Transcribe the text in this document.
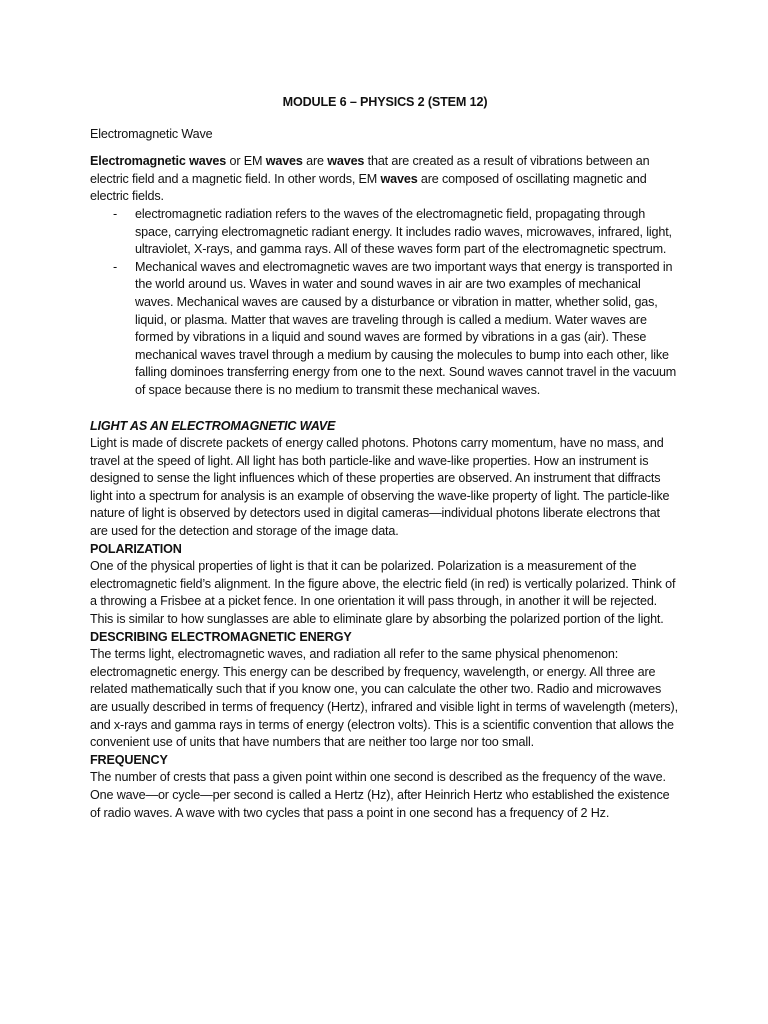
MODULE 6 – PHYSICS 2 (STEM 12)
Electromagnetic Wave

Electromagnetic waves or EM waves are waves that are created as a result of vibrations between an electric field and a magnetic field. In other words, EM waves are composed of oscillating magnetic and electric fields.

- electromagnetic radiation refers to the waves of the electromagnetic field, propagating through space, carrying electromagnetic radiant energy. It includes radio waves, microwaves, infrared, light, ultraviolet, X-rays, and gamma rays. All of these waves form part of the electromagnetic spectrum.
- Mechanical waves and electromagnetic waves are two important ways that energy is transported in the world around us. Waves in water and sound waves in air are two examples of mechanical waves. Mechanical waves are caused by a disturbance or vibration in matter, whether solid, gas, liquid, or plasma. Matter that waves are traveling through is called a medium. Water waves are formed by vibrations in a liquid and sound waves are formed by vibrations in a gas (air). These mechanical waves travel through a medium by causing the molecules to bump into each other, like falling dominoes transferring energy from one to the next. Sound waves cannot travel in the vacuum of space because there is no medium to transmit these mechanical waves.
LIGHT AS AN ELECTROMAGNETIC WAVE

Light is made of discrete packets of energy called photons. Photons carry momentum, have no mass, and travel at the speed of light. All light has both particle-like and wave-like properties. How an instrument is designed to sense the light influences which of these properties are observed. An instrument that diffracts light into a spectrum for analysis is an example of observing the wave-like property of light. The particle-like nature of light is observed by detectors used in digital cameras—individual photons liberate electrons that are used for the detection and storage of the image data.

POLARIZATION

One of the physical properties of light is that it can be polarized. Polarization is a measurement of the electromagnetic field’s alignment. In the figure above, the electric field (in red) is vertically polarized. Think of a throwing a Frisbee at a picket fence. In one orientation it will pass through, in another it will be rejected. This is similar to how sunglasses are able to eliminate glare by absorbing the polarized portion of the light.

DESCRIBING ELECTROMAGNETIC ENERGY

The terms light, electromagnetic waves, and radiation all refer to the same physical phenomenon: electromagnetic energy. This energy can be described by frequency, wavelength, or energy. All three are related mathematically such that if you know one, you can calculate the other two. Radio and microwaves are usually described in terms of frequency (Hertz), infrared and visible light in terms of wavelength (meters), and x-rays and gamma rays in terms of energy (electron volts). This is a scientific convention that allows the convenient use of units that have numbers that are neither too large nor too small.

FREQUENCY

The number of crests that pass a given point within one second is described as the frequency of the wave. One wave—or cycle—per second is called a Hertz (Hz), after Heinrich Hertz who established the existence of radio waves. A wave with two cycles that pass a point in one second has a frequency of 2 Hz.
